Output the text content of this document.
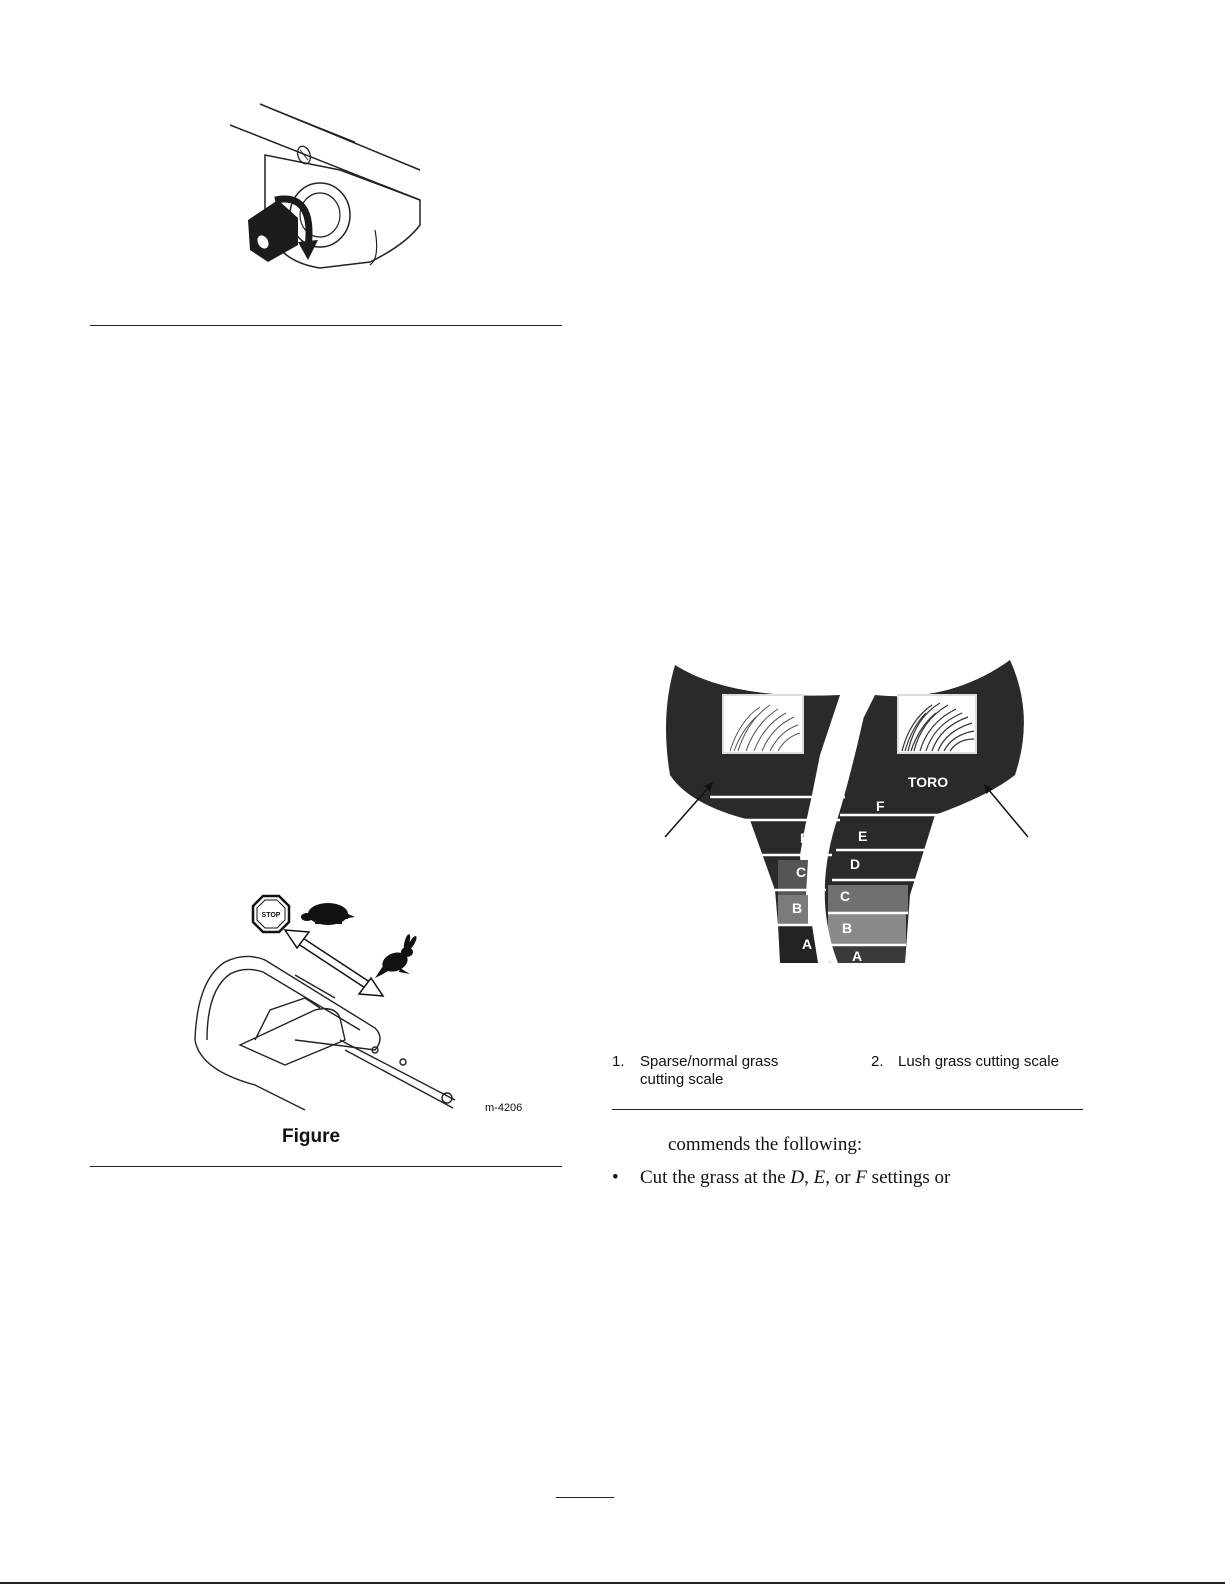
STOP
m-4206
Figure
TORO
F
E
D
C
B
A
F
E
D
C
B
A
1. Sparse/normal grass
cutting scale
2. Lush grass cutting scale
commends the following:
• Cut the grass at the D, E, or F settings or
